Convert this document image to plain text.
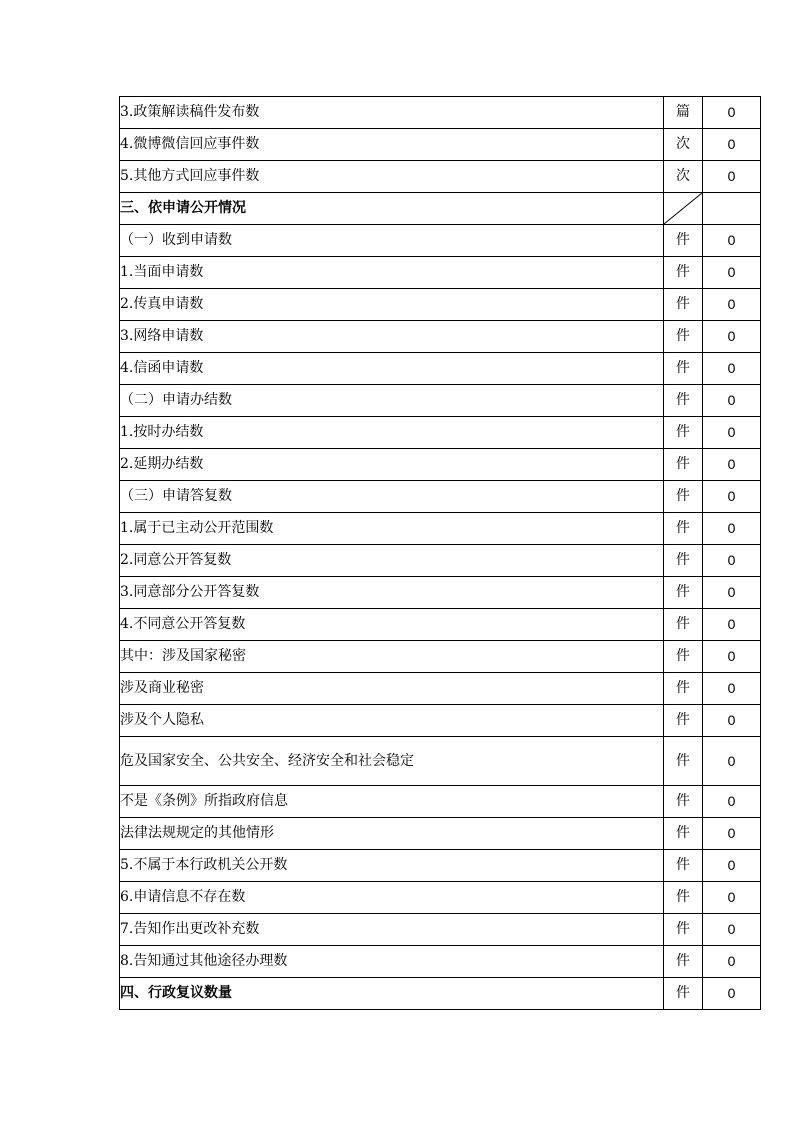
3.政策解读稿件发布数	篇	0
4.微博微信回应事件数	次	0
5.其他方式回应事件数	次	0
三、依申请公开情况	

（一）收到申请数	件	0
1.当面申请数	件	0
2.传真申请数	件	0
3.网络申请数	件	0
4.信函申请数	件	0
（二）申请办结数	件	0
1.按时办结数	件	0
2.延期办结数	件	0
（三）申请答复数	件	0
1.属于已主动公开范围数	件	0
2.同意公开答复数	件	0
3.同意部分公开答复数	件	0
4.不同意公开答复数	件	0
其中：涉及国家秘密	件	0
涉及商业秘密	件	0
涉及个人隐私	件	0

危及国家安全、公共安全、经济安全和社会稳定	件	0
不是《条例》所指政府信息	件	0
法律法规规定的其他情形	件	0
5.不属于本行政机关公开数	件	0
6.申请信息不存在数	件	0
7.告知作出更改补充数	件	0
8.告知通过其他途径办理数	件	0
四、行政复议数量	件	0
